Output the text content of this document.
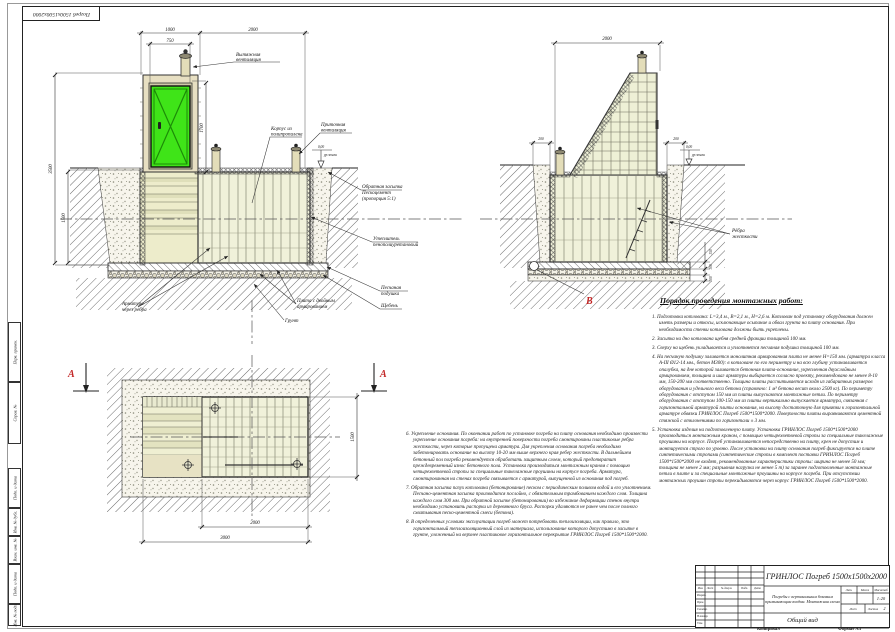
Погреб 1500х1500х2000
Перв. примен.
Справ. №
Подп. и дата
Инв. № дубл.
Взам. инв. №
Подп. и дата
Инв. № подл.
0,00
ур.земли
1000	2000
750
3500
1500
1700
Вытяжная
вентиляция
Корпус из
полипропилена
Приточная
вентиляция
Обратная засыпка
Пескоцемент
(пропорция 5:1)
Утеплитель
пенополиуретановый
Песчаная
подушка
Щебень
Плита с двойным
армированием
Арматура
через ребра
Грунт
В
0,00
ур.земли
2000
200	200
150
100
100
Рёбра
жесткости
А	А
2000
3000
1500
Порядок проведения монтажных работ:
1. Подготовка котлована: L=3,4 м., В=2,1 м., Н=2,6 м. Котлован под установку оборудования должен иметь размеры и откосы, исключающие осыпание и обвал грунта на плиту основания. При необходимости стенки котлована должны быть укреплены.
2. Засыпка на дно котлована щебня средней фракции толщиной 100 мм.
3. Сверху на щебень укладывается и уплотняется песчаная подушка толщиной 100 мм.
4. На песчаную подушку заливается монолитная армированная плита не менее Н=150 мм. (арматура класса А-III Ø12-14 мм., бетон М300): в котловане по его периметру и на всю глубину устанавливается опалубка, на дне которой заливается бетонная плита-основание, укрепленная двухслойным армированием, толщина и шаг арматуры выбирается согласно проекту, рекомендовано не менее 8-10 мм, 150-200 мм соответственно. Толщина плиты рассчитывается исходя из габаритных размеров оборудования и удельного веса бетона (справочно: 1 м³ бетона весит около 2500 кг). По периметру оборудования с отступом 150 мм из плиты выпускаются монтажные петли. По периметру оборудования с отступом 100-150 мм из плиты вертикально выпускается арматура, связанная с горизонтальной арматурой плиты основания, на высоту достаточную для привязки к горизонтальной арматуре обвязки ГРИНЛОС Погреб 1500*1500*2000. Поверхности плиты выравниваются цементной стяжкой с отклонениями по горизонтали ± 3 мм.
5. Установка изделия на подготовленную плиту. Установка ГРИНЛОС Погреб 1500*1500*2000 производиться монтажным краном, с помощью четырехветвевой стропы за специальные такелажные проушины на корпусе. Погреб устанавливается непосредственно на плиту, крен не допустим и монтируется строго по уровню. После установки на плиту основания погреб фиксируется на плите синтетическими стропами (синтетические стропы в комплект поставки ГРИНЛОС Погреб 1500*1500*2000 не входят, рекомендованные характеристики стропы: ширина не менее 50 мм; толщина не менее 2 мм; разрывная нагрузка не менее 5 т) за заранее подготовленные монтажные петли в плите и за специальные монтажные проушины на корпусе погреба. При отсутствии монтажных проушин стропы перекидываются через корпус ГРИНЛОС Погреб 1500*1500*2000.
6. Укрепление основания. По окончании работ по установке погреба на плиту основания необходимо произвести укрепление основания погреба: на внутренней поверхности погреба смонтированы пластиковые ребра жесткости, через которые пропущена арматура. Для укрепления основания погреба необходимо забетонировать основание на высоту 10-20 мм выше верхнего края ребер жесткости. В дальнейшем бетонный пол погреба рекомендуется обработать защитным слоем, который предотвратит преждевременный износ бетонного пола. Установка производиться монтажным краном с помощью четырехветвевой стропы за специальные такелажные проушины на корпусе погреба. Арматура, смонтированная на стенах погреба связывается с арматурой, выпущенной из основания под погреб.
7. Обратная засыпка пазух котлована (бетонирование) песком с периодическим поливом водой и его уплотнением. Песчано-цементная засыпка производится послойно, с обязательным трамбованием каждого слоя. Толщина каждого слоя 300 мм. При обратной засыпке (бетонировании) во избежание деформации стенок внутри необходимо установить распорки из деревянного бруса. Распорки удаляются не ранее чем после полного схватывания песко-цементной смеси (бетона).
8. В определенных условиях эксплуатации погреб может потребовать теплоизоляции, как правило, это горизонтальный теплоизоляционный слой из материала, использование которого допустимо в засыпке в грунте, уложенный на верхнее пластиковое горизонтальное перекрытие ГРИНЛОС Погреб 1500*1500*2000.
ГРИНЛОС Погреб 1500х1500х2000
Погребы с вертикальным боковым примыкающим входом. Монтажная схема
Общий вид
Лит.	Масса	Масштаб
1:20
Лист	Листов	2
Изм.	Лист	№ докум.	Подп.	Дата
Разраб.
Пров.
Т.контр.
Н.контр.
Утв.
Копировал	Формат А3
